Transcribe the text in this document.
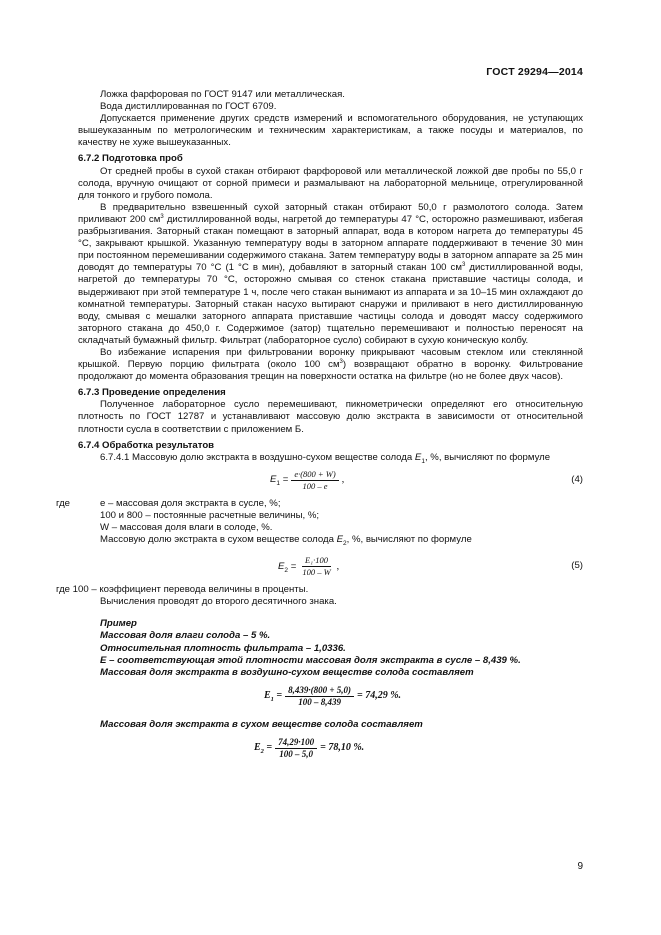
ГОСТ 29294—2014

Ложка фарфоровая по ГОСТ 9147 или металлическая.

Вода дистиллированная по ГОСТ 6709.

Допускается применение других средств измерений и вспомогательного оборудования, не уступающих вышеуказанным по метрологическим и техническим характеристикам, а также посуды и материалов, по качеству не хуже вышеуказанных.

6.7.2 Подготовка проб

От средней пробы в сухой стакан отбирают фарфоровой или металлической ложкой две пробы по 55,0 г солода, вручную очищают от сорной примеси и размалывают на лабораторной мельнице, отрегулированной для тонкого и грубого помола.

В предварительно взвешенный сухой заторный стакан отбирают 50,0 г размолотого солода. Затем приливают 200 $см^3$ дистиллированной воды, нагретой до температуры 47 °С, осторожно размешивают, избегая разбрызгивания. Заторный стакан помещают в заторный аппарат, вода в котором нагрета до температуры 45 °С, закрывают крышкой. Указанную температуру воды в заторном аппарате поддерживают в течение 30 мин при постоянном перемешивании содержимого стакана. Затем температуру воды в заторном аппарате за 25 мин доводят до температуры 70 °С (1 °С в мин), добавляют в заторный стакан 100 $см^3$ дистиллированной воды, нагретой до температуры 70 °С, осторожно смывая со стенок стакана приставшие частицы солода, и выдерживают при этой температуре 1 ч, после чего стакан вынимают из аппарата и за 10–15 мин охлаждают до комнатной температуры. Заторный стакан насухо вытирают снаружи и приливают в него дистиллированную воду, смывая с мешалки заторного аппарата приставшие частицы солода и доводят массу содержимого заторного стакана до 450,0 г. Содержимое (затор) тщательно перемешивают и полностью переносят на складчатый бумажный фильтр. Фильтрат (лабораторное сусло) собирают в сухую коническую колбу.

Во избежание испарения при фильтровании воронку прикрывают часовым стеклом или стеклянной крышкой. Первую порцию фильтрата (около 100 $см^3$) возвращают обратно в воронку. Фильтрование продолжают до момента образования трещин на поверхности остатка на фильтре (но не более двух часов).

6.7.3 Проведение определения

Полученное лабораторное сусло перемешивают, пикнометрически определяют его относительную плотность по ГОСТ 12787 и устанавливают массовую долю экстракта в зависимости от относительной плотности сусла в соответствии с приложением Б.

6.7.4 Обработка результатов

6.7.4.1 Массовую долю экстракта в воздушно-сухом веществе солода $Е_1$, %, вычисляют по формуле

$Е_1 = \frac{e\cdot(800 + W)}{100 - e}$ ,	(4)
где	e – массовая доля экстракта в сусле, %;

100 и 800 – постоянные расчетные величины, %;

W – массовая доля влаги в солоде, %.

Массовую долю экстракта в сухом веществе солода $Е_2$, %, вычисляют по формуле

$Е_2 = \frac{\text{E₁·100}}{100 - W}$ ,	(5)

где 100 – коэффициент перевода величины в проценты.

Вычисления проводят до второго десятичного знака.

Пример

Массовая доля влаги солода – 5 %.

Относительная плотность фильтрата – 1,0336.

Е – соответствующая этой плотности массовая доля экстракта в сусле – 8,439 %.

Массовая доля экстракта в воздушно-сухом веществе солода составляет

$Е_1 = \frac{8,439\cdot(800 + 5,0)}{100 - 8,439} = 74,29$ %.

Массовая доля экстракта в сухом веществе солода составляет

$Е_2 = \frac{74,29\cdot 100}{100 - 5,0} = 78,10$ %.
9
